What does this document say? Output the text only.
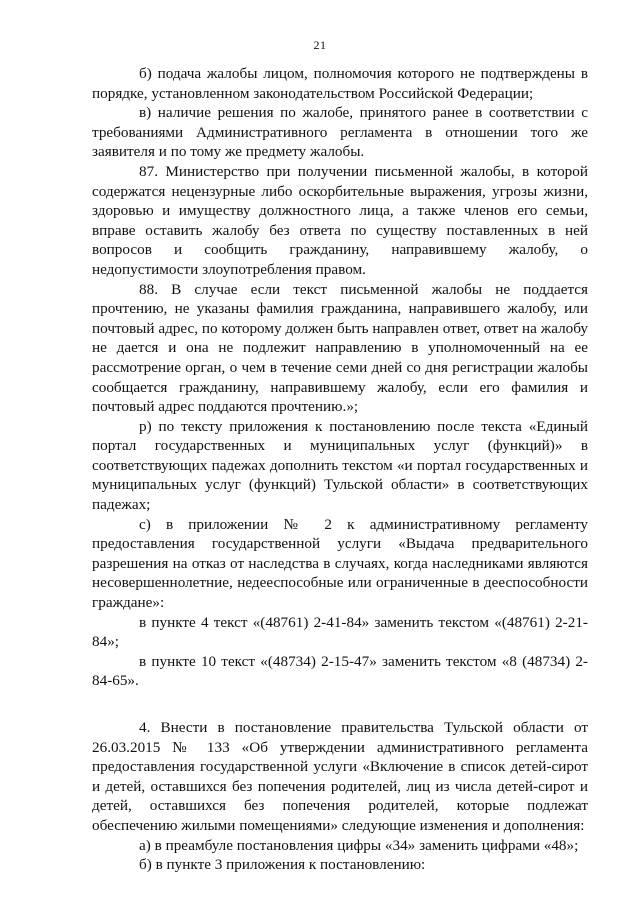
21

б) подача жалобы лицом, полномочия которого не подтверждены в порядке, установленном законодательством Российской Федерации;

в) наличие решения по жалобе, принятого ранее в соответствии с требованиями Административного регламента в отношении того же заявителя и по тому же предмету жалобы.

87. Министерство при получении письменной жалобы, в которой содержатся нецензурные либо оскорбительные выражения, угрозы жизни, здоровью и имуществу должностного лица, а также членов его семьи, вправе оставить жалобу без ответа по существу поставленных в ней вопросов и сообщить гражданину, направившему жалобу, о недопустимости злоупотребления правом.

88. В случае если текст письменной жалобы не поддается прочтению, не указаны фамилия гражданина, направившего жалобу, или почтовый адрес, по которому должен быть направлен ответ, ответ на жалобу не дается и она не подлежит направлению в уполномоченный на ее рассмотрение орган, о чем в течение семи дней со дня регистрации жалобы сообщается гражданину, направившему жалобу, если его фамилия и почтовый адрес поддаются прочтению.»;

р) по тексту приложения к постановлению после текста «Единый портал государственных и муниципальных услуг (функций)» в соответствующих падежах дополнить текстом «и портал государственных и муниципальных услуг (функций) Тульской области» в соответствующих падежах;

с) в приложении № 2 к административному регламенту предоставления государственной услуги «Выдача предварительного разрешения на отказ от наследства в случаях, когда наследниками являются несовершеннолетние, недееспособные или ограниченные в дееспособности граждане»:

в пункте 4 текст «(48761) 2-41-84» заменить текстом «(48761) 2-21-84»;

в пункте 10 текст «(48734) 2-15-47» заменить текстом «8 (48734) 2-84-65».

4. Внести в постановление правительства Тульской области от 26.03.2015 № 133 «Об утверждении административного регламента предоставления государственной услуги «Включение в список детей-сирот и детей, оставшихся без попечения родителей, лиц из числа детей-сирот и детей, оставшихся без попечения родителей, которые подлежат обеспечению жилыми помещениями» следующие изменения и дополнения:

а) в преамбуле постановления цифры «34» заменить цифрами «48»;

б) в пункте 3 приложения к постановлению:
